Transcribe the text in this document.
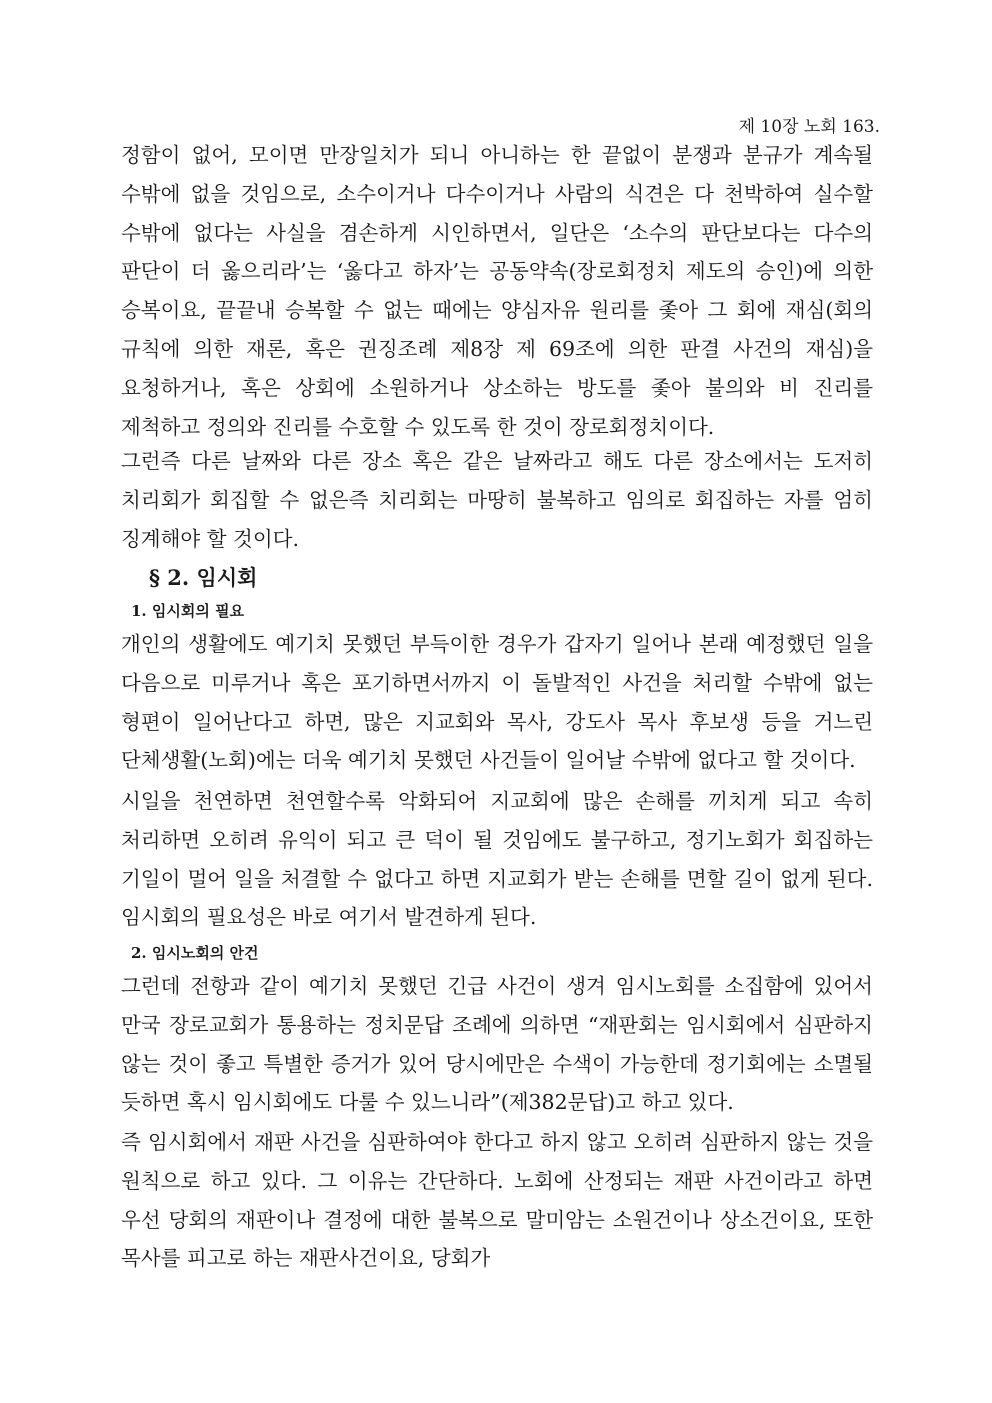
제 10장 노회 163.

정함이 없어, 모이면 만장일치가 되니 아니하는 한 끝없이 분쟁과 분규가 계속될 수밖에 없을 것임으로, 소수이거나 다수이거나 사람의 식견은 다 천박하여 실수할 수밖에 없다는 사실을 겸손하게 시인하면서, 일단은 ‘소수의 판단보다는 다수의 판단이 더 옳으리라’는 ‘옳다고 하자’는 공동약속(장로회정치 제도의 승인)에 의한 승복이요, 끝끝내 승복할 수 없는 때에는 양심자유 원리를 좇아 그 회에 재심(회의 규칙에 의한 재론, 혹은 권징조례 제8장 제 69조에 의한 판결 사건의 재심)을 요청하거나, 혹은 상회에 소원하거나 상소하는 방도를 좇아 불의와 비 진리를 제척하고 정의와 진리를 수호할 수 있도록 한 것이 장로회정치이다.

그런즉 다른 날짜와 다른 장소 혹은 같은 날짜라고 해도 다른 장소에서는 도저히 치리회가 회집할 수 없은즉 치리회는 마땅히 불복하고 임의로 회집하는 자를 엄히 징계해야 할 것이다.

§ 2. 임시회
1. 임시회의 필요

개인의 생활에도 예기치 못했던 부득이한 경우가 갑자기 일어나 본래 예정했던 일을 다음으로 미루거나 혹은 포기하면서까지 이 돌발적인 사건을 처리할 수밖에 없는 형편이 일어난다고 하면, 많은 지교회와 목사, 강도사 목사 후보생 등을 거느린 단체생활(노회)에는 더욱 예기치 못했던 사건들이 일어날 수밖에 없다고 할 것이다.

시일을 천연하면 천연할수록 악화되어 지교회에 많은 손해를 끼치게 되고 속히 처리하면 오히려 유익이 되고 큰 덕이 될 것임에도 불구하고, 정기노회가 회집하는 기일이 멀어 일을 처결할 수 없다고 하면 지교회가 받는 손해를 면할 길이 없게 된다. 임시회의 필요성은 바로 여기서 발견하게 된다.

2. 임시노회의 안건

그런데 전항과 같이 예기치 못했던 긴급 사건이 생겨 임시노회를 소집함에 있어서 만국 장로교회가 통용하는 정치문답 조례에 의하면 “재판회는 임시회에서 심판하지 않는 것이 좋고 특별한 증거가 있어 당시에만은 수색이 가능한데 정기회에는 소멸될 듯하면 혹시 임시회에도 다룰 수 있느니라”(제382문답)고 하고 있다.

즉 임시회에서 재판 사건을 심판하여야 한다고 하지 않고 오히려 심판하지 않는 것을 원칙으로 하고 있다. 그 이유는 간단하다. 노회에 산정되는 재판 사건이라고 하면 우선 당회의 재판이나 결정에 대한 불복으로 말미암는 소원건이나 상소건이요, 또한 목사를 피고로 하는 재판사건이요, 당회가
